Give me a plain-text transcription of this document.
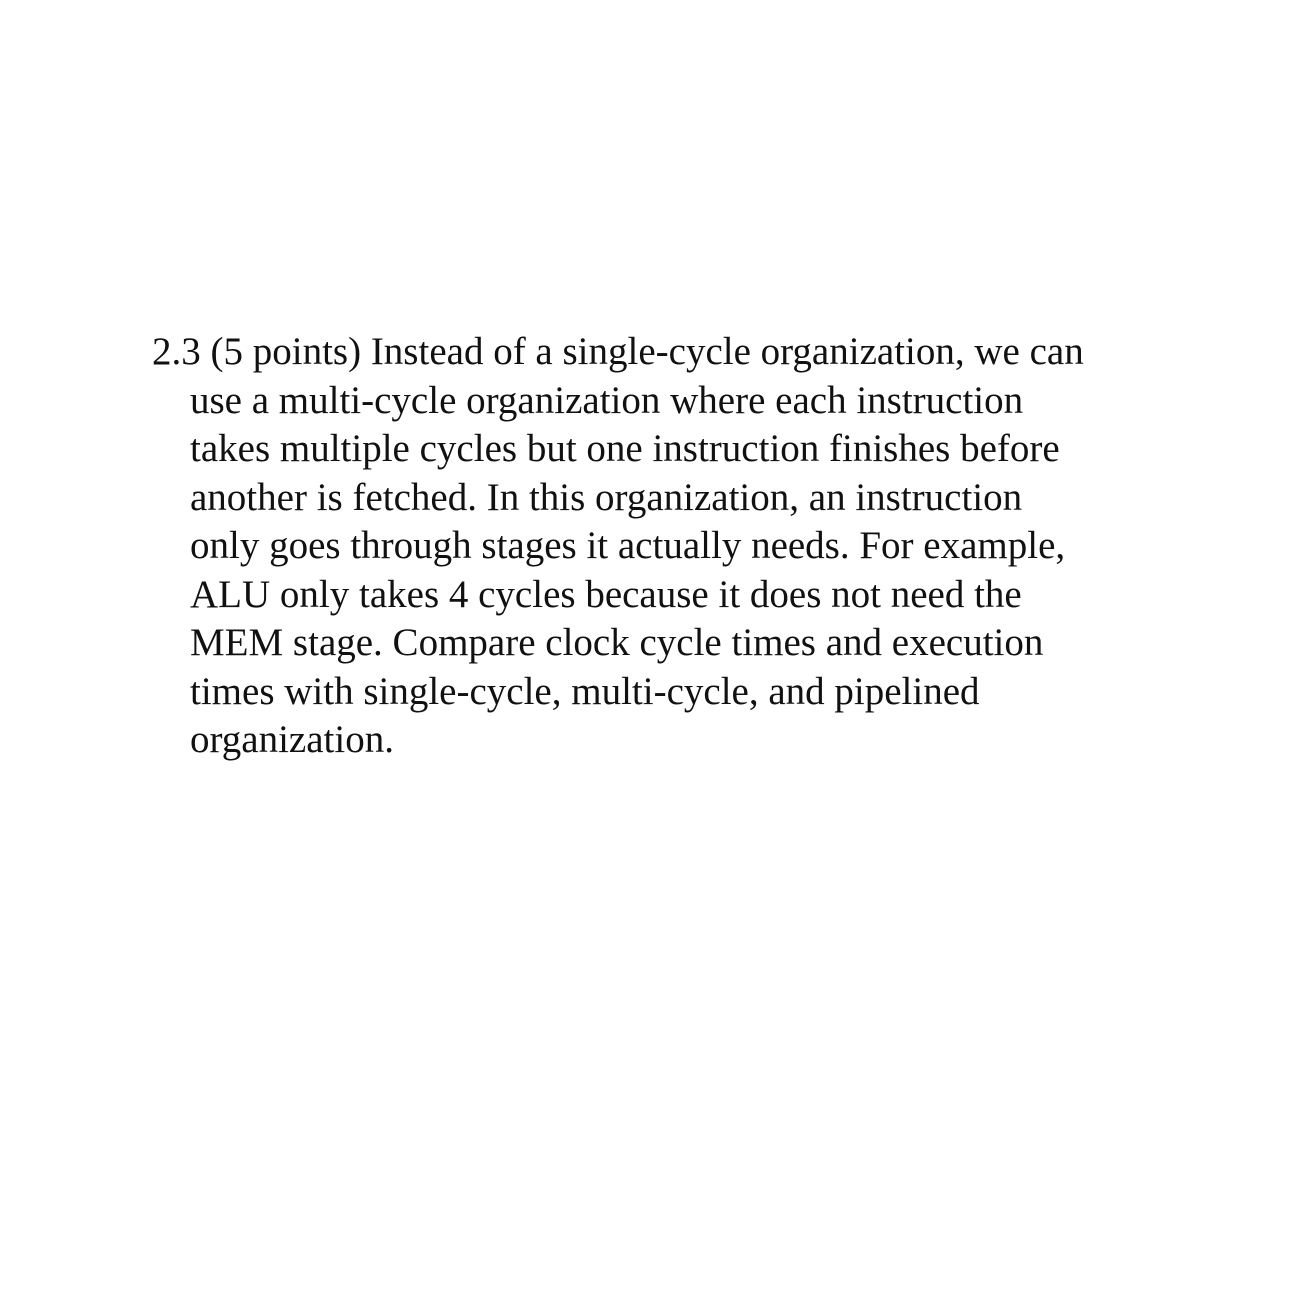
2.3 (5 points) Instead of a single-cycle organization, we can
use a multi-cycle organization where each instruction
takes multiple cycles but one instruction finishes before
another is fetched. In this organization, an instruction
only goes through stages it actually needs. For example,
ALU only takes 4 cycles because it does not need the
MEM stage. Compare clock cycle times and execution
times with single-cycle, multi-cycle, and pipelined
organization.
